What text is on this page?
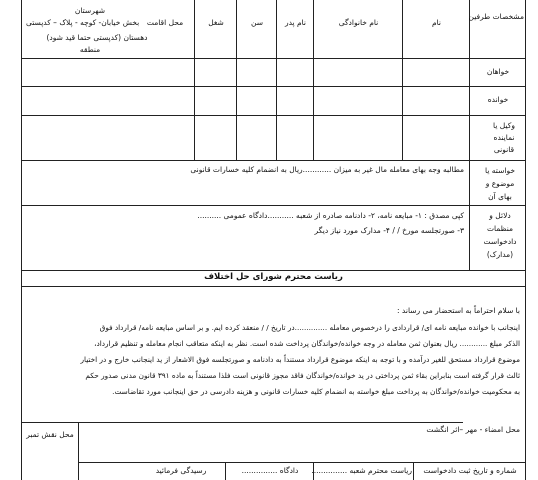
مشخصات طرفین
نام
نام خانوادگی
نام پدر
سن
شغل
محل اقامت
شهرستان
بخش خیابان- کوچه - پلاک – کدپستی
دهستان (کدپستی حتما قید شود)
منطقه
خواهان
خوانده
وکیل یا نماینده قانونی
خواسته یا موضوع و بهای آن
مطالبه وجه بهای معامله مال غیر به میزان ............ریال به انضمام کلیه خسارات قانونی
دلائل و منظمات دادخواست (مدارک)
کپی مصدق : ۱- مبایعه نامه، ۲- دادنامه صادره از شعبه ...........دادگاه عمومی ..........
۳- صورتجلسه مورخ / / ۴- مدارک مورد نیاز دیگر
ریاست محترم شورای حل اختلاف
با سلام احتراماً به استحضار می رساند :
اینجانب با خوانده مبایعه نامه ای/ قراردادی را درخصوص معامله ..............در تاریخ / / منعقد کرده ایم. و بر اساس مبایعه نامه/ قرارداد فوق
الذکر مبلغ ............ ریال بعنوان ثمن معامله در وجه خوانده/خواندگان پرداخت شده است. نظر به اینکه متعاقب انجام معامله و تنظیم قرارداد،
موضوع قرارداد مستحق للغیر درآمده و با توجه به اینکه موضوع قرارداد مستنداً به دادنامه و صورتجلسه فوق الاشعار از ید اینجانب خارج و در اختیار
ثالث قرار گرفته است بنابراین بقاء ثمن پرداختی در ید خوانده/خواندگان فاقد مجوز قانونی است فلذا مستنداً به ماده ۳۹۱ قانون مدنی صدور حکم
به محکومیت خوانده/خواندگان به پرداخت مبلغ خواسته به انضمام کلیه خسارات قانونی و هزینه دادرسی در حق اینجانب مورد تقاضاست.
محل امضاء - مهر –اثر انگشت
محل نقش تمبر
شماره و تاریخ ثبت دادخواست
ریاست محترم شعبه ...............
دادگاه ...............
رسیدگی فرمائید
